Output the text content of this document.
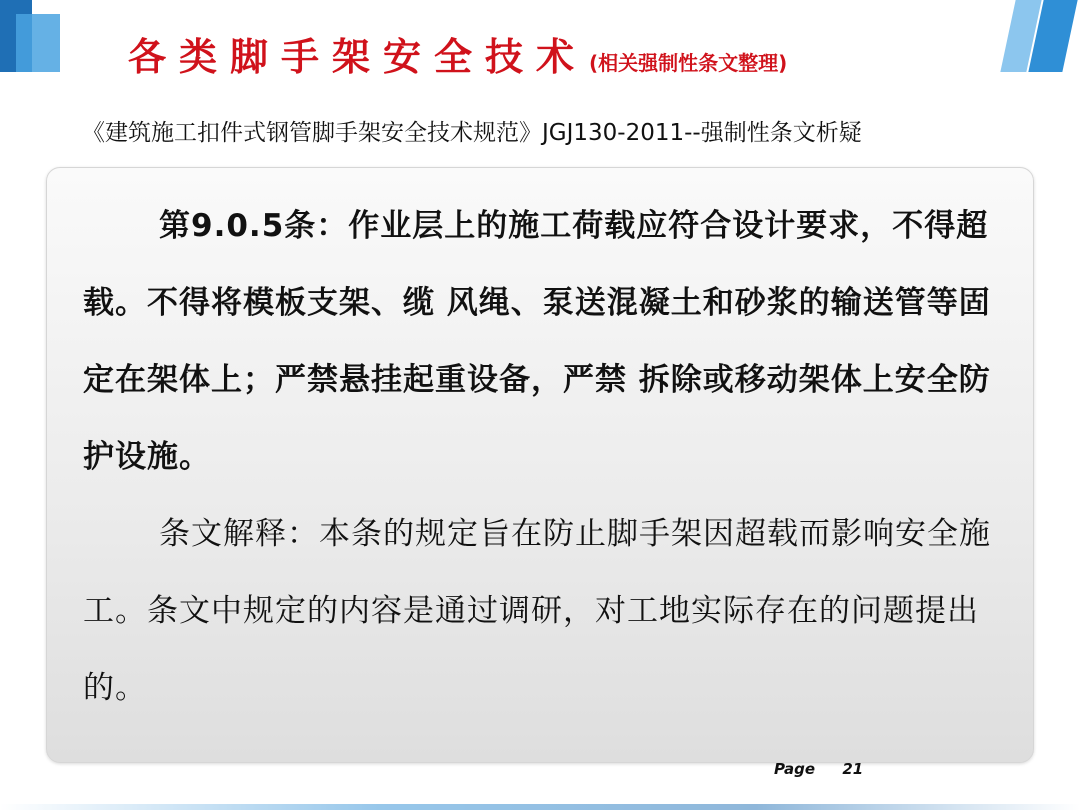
各类脚手架安全技术 (相关强制性条文整理)
《建筑施工扣件式钢管脚手架安全技术规范》JGJ130-2011--强制性条文析疑

第9.0.5条：作业层上的施工荷载应符合设计要求，不得超载。不得将模板支架、缆 风绳、泵送混凝土和砂浆的输送管等固定在架体上；严禁悬挂起重设备，严禁 拆除或移动架体上安全防护设施。

条文解释：本条的规定旨在防止脚手架因超载而影响安全施工。条文中规定的内容是通过调研，对工地实际存在的问题提出的。

Page 21
